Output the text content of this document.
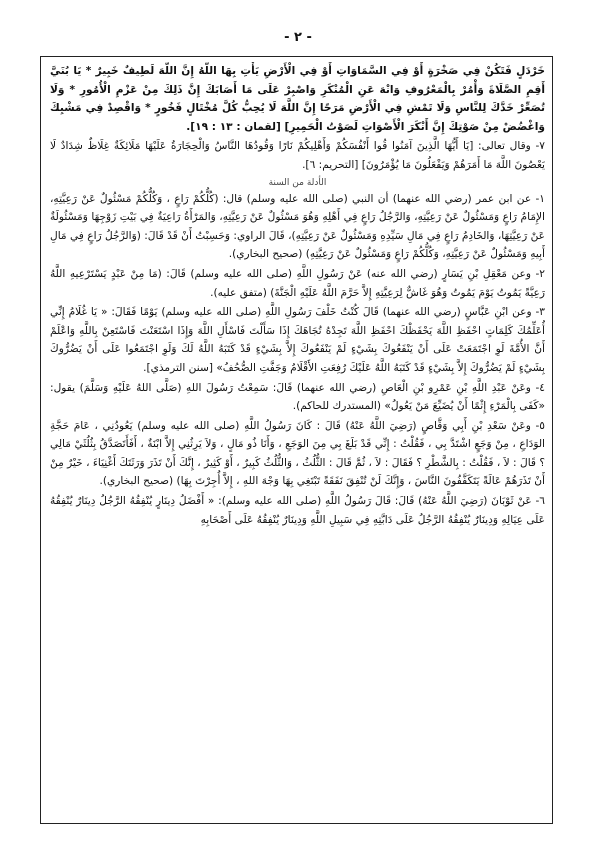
- ٢ -

خَرْدَلٍ فَتَكُنْ فِي صَخْرَةٍ أَوْ فِي السَّمَاوَاتِ أَوْ فِي الْأَرْضِ يَأْتِ بِهَا اللَّهُ إِنَّ اللَّهَ لَطِيفٌ خَبِيرٌ * يَا بُنَيَّ أَقِمِ الصَّلَاةَ وَأْمُرْ بِالْمَعْرُوفِ وَانْهَ عَنِ الْمُنْكَرِ وَاصْبِرْ عَلَى مَا أَصَابَكَ إِنَّ ذَلِكَ مِنْ عَزْمِ الْأُمُورِ * وَلَا تُصَعِّرْ خَدَّكَ لِلنَّاسِ وَلَا تَمْشِ فِي الْأَرْضِ مَرَحًا إِنَّ اللَّهَ لَا يُحِبُّ كُلَّ مُخْتَالٍ فَخُورٍ * وَاقْصِدْ فِي مَشْيِكَ وَاغْضُضْ مِنْ صَوْتِكَ إِنَّ أَنْكَرَ الْأَصْوَاتِ لَصَوْتُ الْحَمِيرِ] [لقمان : ١٣ : ١٩].

٧- وقال تعالى: [يَا أَيُّهَا الَّذِينَ آمَنُوا قُوا أَنْفُسَكُمْ وَأَهْلِيكُمْ نَارًا وَقُودُهَا النَّاسُ وَالْحِجَارَةُ عَلَيْهَا مَلَائِكَةٌ غِلَاظٌ شِدَادٌ لَا يَعْصُونَ اللَّهَ مَا أَمَرَهُمْ وَيَفْعَلُونَ مَا يُؤْمَرُونَ] [التحريم: ٦].

الأدلة من السنة

١- عن ابن عمر (رضي الله عنهما) أن النبي (صلى الله عليه وسلم) قال: (كُلُّكُمْ رَاعٍ ، وَكُلُّكُمْ مَسْئُولٌ عَنْ رَعِيَّتِهِ، الإِمَامُ رَاعٍ وَمَسْئُولٌ عَنْ رَعِيَّتِهِ، وَالرَّجُلُ رَاعٍ فِي أَهْلِهِ وَهُوَ مَسْئُولٌ عَنْ رَعِيَّتِهِ، وَالمَرْأَةُ رَاعِيَةٌ فِي بَيْتِ زَوْجِهَا وَمَسْئُولَةٌ عَنْ رَعِيَّتِهَا، وَالخَادِمُ رَاعٍ فِي مَالِ سَيِّدِهِ وَمَسْئُولٌ عَنْ رَعِيَّتِهِ)، قَالَ الراوي: وَحَسِبْتُ أَنْ قَدْ قَالَ: (وَالرَّجُلُ رَاعٍ فِي مَالِ أَبِيهِ وَمَسْئُولٌ عَنْ رَعِيَّتِهِ، وَكُلُّكُمْ رَاعٍ وَمَسْئُولٌ عَنْ رَعِيَّتِهِ) (صحيح البخاري).

٢- وعن مَعْقِلِ بْنِ يَسَارٍ (رضي الله عنه) عَنْ رَسُولِ اللَّهِ (صلى الله عليه وسلم) قَالَ: (مَا مِنْ عَبْدٍ يَسْتَرْعِيهِ اللَّهُ رَعِيَّةً يَمُوتُ يَوْمَ يَمُوتُ وَهُوَ غَاشٌّ لِرَعِيَّتِهِ إِلاَّ حَرَّمَ اللَّهُ عَلَيْهِ الْجَنَّةَ) (متفق عليه).

٣- وعن ابْنِ عَبَّاسٍ (رضي الله عنهما) قَالَ كُنْتُ خَلْفَ رَسُولِ اللَّهِ (صلى الله عليه وسلم) يَوْمًا فَقَالَ: « يَا غُلَامُ إِنِّي أُعَلِّمُكَ كَلِمَاتٍ احْفَظِ اللَّهَ يَحْفَظْكَ احْفَظِ اللَّهَ تَجِدْهُ تُجَاهَكَ إِذَا سَأَلْتَ فَاسْأَلِ اللَّهَ وَإِذَا اسْتَعَنْتَ فَاسْتَعِنْ بِاللَّهِ وَاعْلَمْ أَنَّ الأُمَّةَ لَوِ اجْتَمَعَتْ عَلَى أَنْ يَنْفَعُوكَ بِشَيْءٍ لَمْ يَنْفَعُوكَ إِلاَّ بِشَيْءٍ قَدْ كَتَبَهُ اللَّهُ لَكَ وَلَوِ اجْتَمَعُوا عَلَى أَنْ يَضُرُّوكَ بِشَيْءٍ لَمْ يَضُرُّوكَ إِلاَّ بِشَيْءٍ قَدْ كَتَبَهُ اللَّهُ عَلَيْكَ رُفِعَتِ الأَقْلَامُ وَجَفَّتِ الصُّحُفُ» [سنن الترمذي].

٤- وعَنْ عَبْدِ اللَّهِ بْنِ عَمْرِو بْنِ الْعَاصِ (رضي الله عنهما) قَالَ: سَمِعْتُ رَسُولَ اللهِ (صَلَّى اللهُ عَلَيْهِ وَسَلَّمَ) يقول: «كَفَى بِالْمَرْءِ إِثْمًا أَنْ يُضَيِّعَ مَنْ يَعُولُ» (المستدرك للحاكم).

٥- وعَنْ سَعْدِ بْنِ أَبِي وَقَّاصٍ (رَضِيَ اللَّهُ عَنْهُ) قَالَ : كَانَ رَسُولُ اللَّهِ (صلى الله عليه وسلم) يَعُودُنِي ، عَامَ حَجَّةِ الوَدَاعِ ، مِنْ وَجَعٍ اشْتَدَّ بِي ، فَقُلْتُ : إِنِّي قَدْ بَلَغَ بِي مِنَ الوَجَعِ ، وَأَنَا ذُو مَالٍ ، وَلاَ يَرِثُنِي إِلاَّ ابْنَةٌ ، أَفَأَتَصَدَّقُ بِثُلُثَيْ مَالِي ؟ قَالَ : لاَ ، فَقُلْتُ : بِالشَّطْرِ ؟ فَقَالَ : لاَ ، ثُمَّ قَالَ : الثُّلُثُ ، وَالثُّلُثُ كَبِيرٌ ، أَوْ كَثِيرٌ ، إِنَّكَ أَنْ تَذَرَ وَرَثَتَكَ أَغْنِيَاءَ ، خَيْرٌ مِنْ أَنْ تَذَرَهُمْ عَالَةً يَتَكَفَّفُونَ النَّاسَ ، وَإِنَّكَ لَنْ تُنْفِقَ نَفَقَةً تَبْتَغِي بِهَا وَجْهَ اللهِ ، إِلاَّ أُجِرْتَ بِهَا) (صحيح البخاري).

٦- عَنْ ثَوْبَانَ (رَضِيَ اللَّهُ عَنْهُ) قَالَ: قَالَ رَسُولُ اللَّهِ (صلى الله عليه وسلم): « أَفْضَلُ دِينَارٍ يُنْفِقُهُ الرَّجُلُ دِينَارٌ يُنْفِقُهُ عَلَى عِيَالِهِ وَدِينَارٌ يُنْفِقُهُ الرَّجُلُ عَلَى دَابَّتِهِ فِي سَبِيلِ اللَّهِ وَدِينَارٌ يُنْفِقُهُ عَلَى أَصْحَابِهِ
